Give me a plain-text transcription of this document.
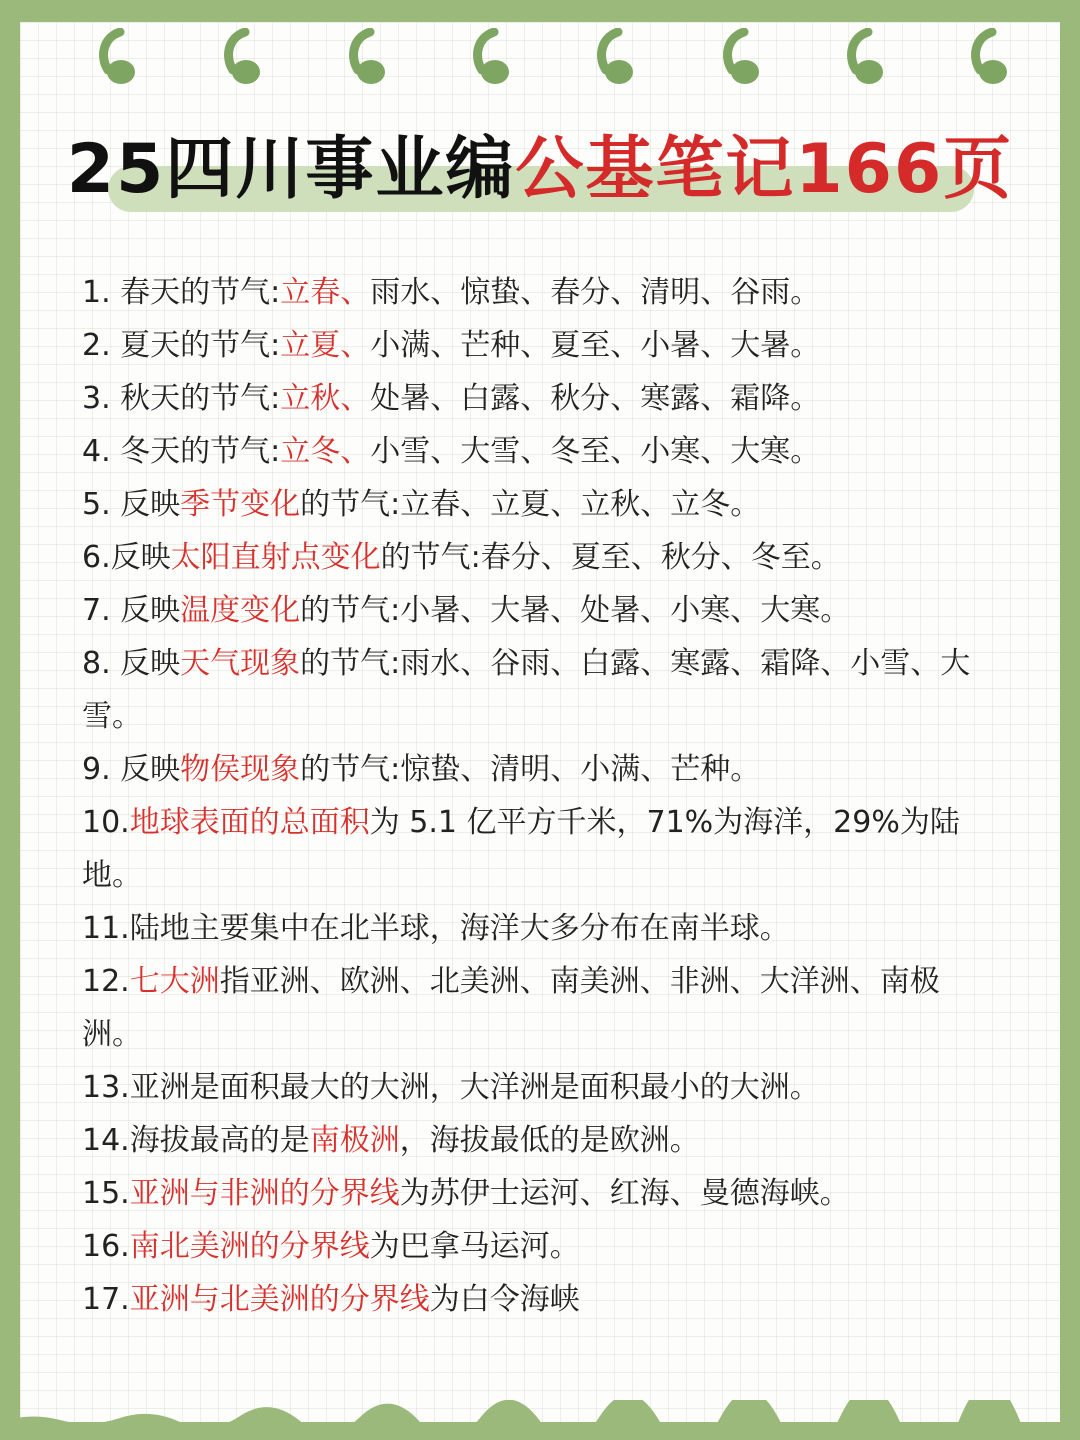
25四川事业编公基笔记166页
1. 春天的节气:立春、雨水、惊蛰、春分、清明、谷雨。
2. 夏天的节气:立夏、小满、芒种、夏至、小暑、大暑。
3. 秋天的节气:立秋、处暑、白露、秋分、寒露、霜降。
4. 冬天的节气:立冬、小雪、大雪、冬至、小寒、大寒。
5. 反映季节变化的节气:立春、立夏、立秋、立冬。
6.反映太阳直射点变化的节气:春分、夏至、秋分、冬至。
7. 反映温度变化的节气:小暑、大暑、处暑、小寒、大寒。
8. 反映天气现象的节气:雨水、谷雨、白露、寒露、霜降、小雪、大雪。
9. 反映物侯现象的节气:惊蛰、清明、小满、芒种。
10.地球表面的总面积为 5.1 亿平方千米，71%为海洋，29%为陆地。
11.陆地主要集中在北半球，海洋大多分布在南半球。
12.七大洲指亚洲、欧洲、北美洲、南美洲、非洲、大洋洲、南极洲。
13.亚洲是面积最大的大洲，大洋洲是面积最小的大洲。
14.海拔最高的是南极洲，海拔最低的是欧洲。
15.亚洲与非洲的分界线为苏伊士运河、红海、曼德海峡。
16.南北美洲的分界线为巴拿马运河。
17.亚洲与北美洲的分界线为白令海峡
